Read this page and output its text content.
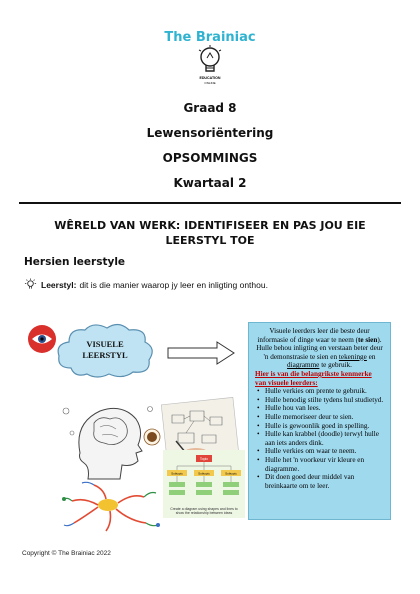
The Brainiac
EDUCATION
ONLINE
Graad 8
Lewensoriëntering
OPSOMMINGS
Kwartaal 2
WÊRELD VAN WERK: IDENTIFISEER EN PAS JOU EIE LEERSTYL TOE
Hersien leerstyle
Leerstyl: dit is die manier waarop jy leer en inligting onthou.
VISUELE
LEERSTYL
Visuele leerders leer die beste deur informasie of dinge waar te neem (te sien).
Hulle behou inligting en verstaan beter deur 'n demonstrasie te sien en tekeninge en diagramme te gebruik.
Hier is van die belangrikste kenmerke van visuele leerders:
• Hulle verkies om prente te gebruik.
• Hulle benodig stilte tydens hul studietyd.
• Hulle hou van lees.
• Hulle memoriseer deur te sien.
• Hulle is gewoonlik goed in spelling.
• Hulle kan krabbel (doodle) terwyl hulle aan iets anders dink.
• Hulle verkies om waar te neem.
• Hulle het 'n voorkeur vir kleure en diagramme.
• Dit doen goed deur middel van breinkaarte om te leer.
Topic
Subtopic	Subtopic	Subtopic
Create a diagram using shapes and lines to show the relationship between ideas
Copyright © The Brainiac 2022
